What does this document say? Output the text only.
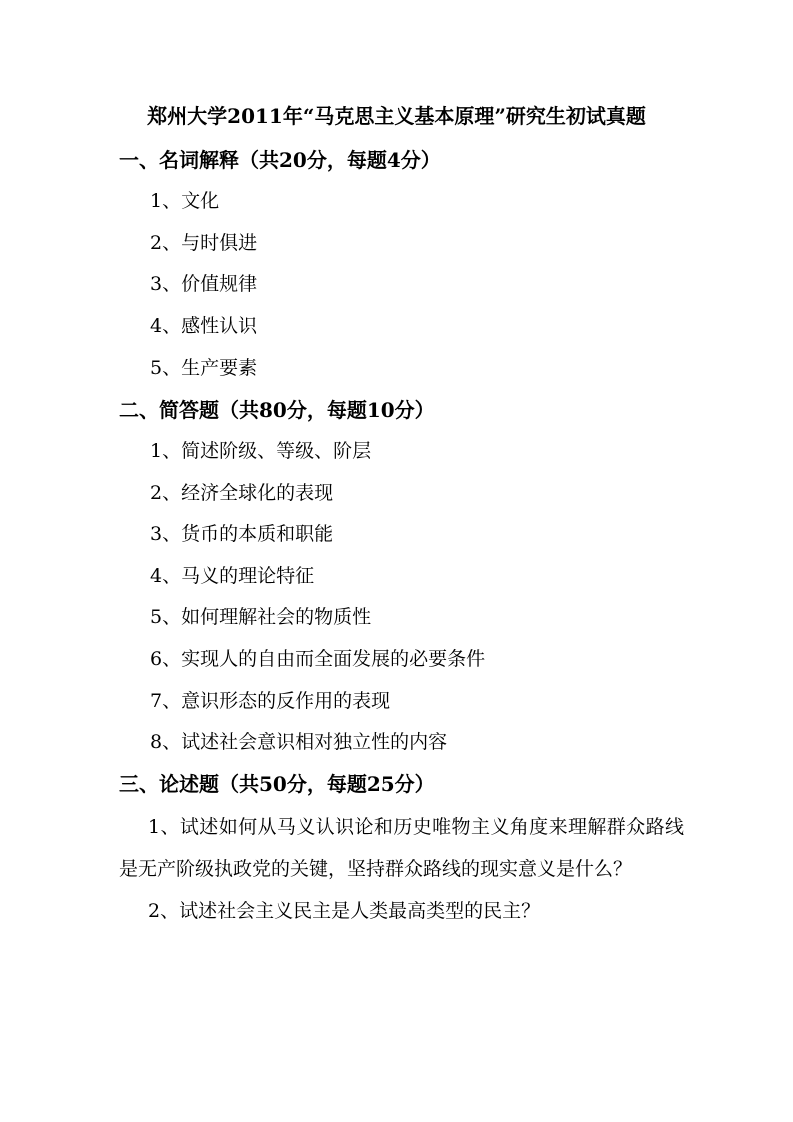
郑州大学2011年“马克思主义基本原理”研究生初试真题
一、名词解释（共20分，每题4分）
1、文化
2、与时俱进
3、价值规律
4、感性认识
5、生产要素
二、简答题（共80分，每题10分）
1、简述阶级、等级、阶层
2、经济全球化的表现
3、货币的本质和职能
4、马义的理论特征
5、如何理解社会的物质性
6、实现人的自由而全面发展的必要条件
7、意识形态的反作用的表现
8、试述社会意识相对独立性的内容
三、论述题（共50分，每题25分）
1、试述如何从马义认识论和历史唯物主义角度来理解群众路线是无产阶级执政党的关键，坚持群众路线的现实意义是什么？
2、试述社会主义民主是人类最高类型的民主？
